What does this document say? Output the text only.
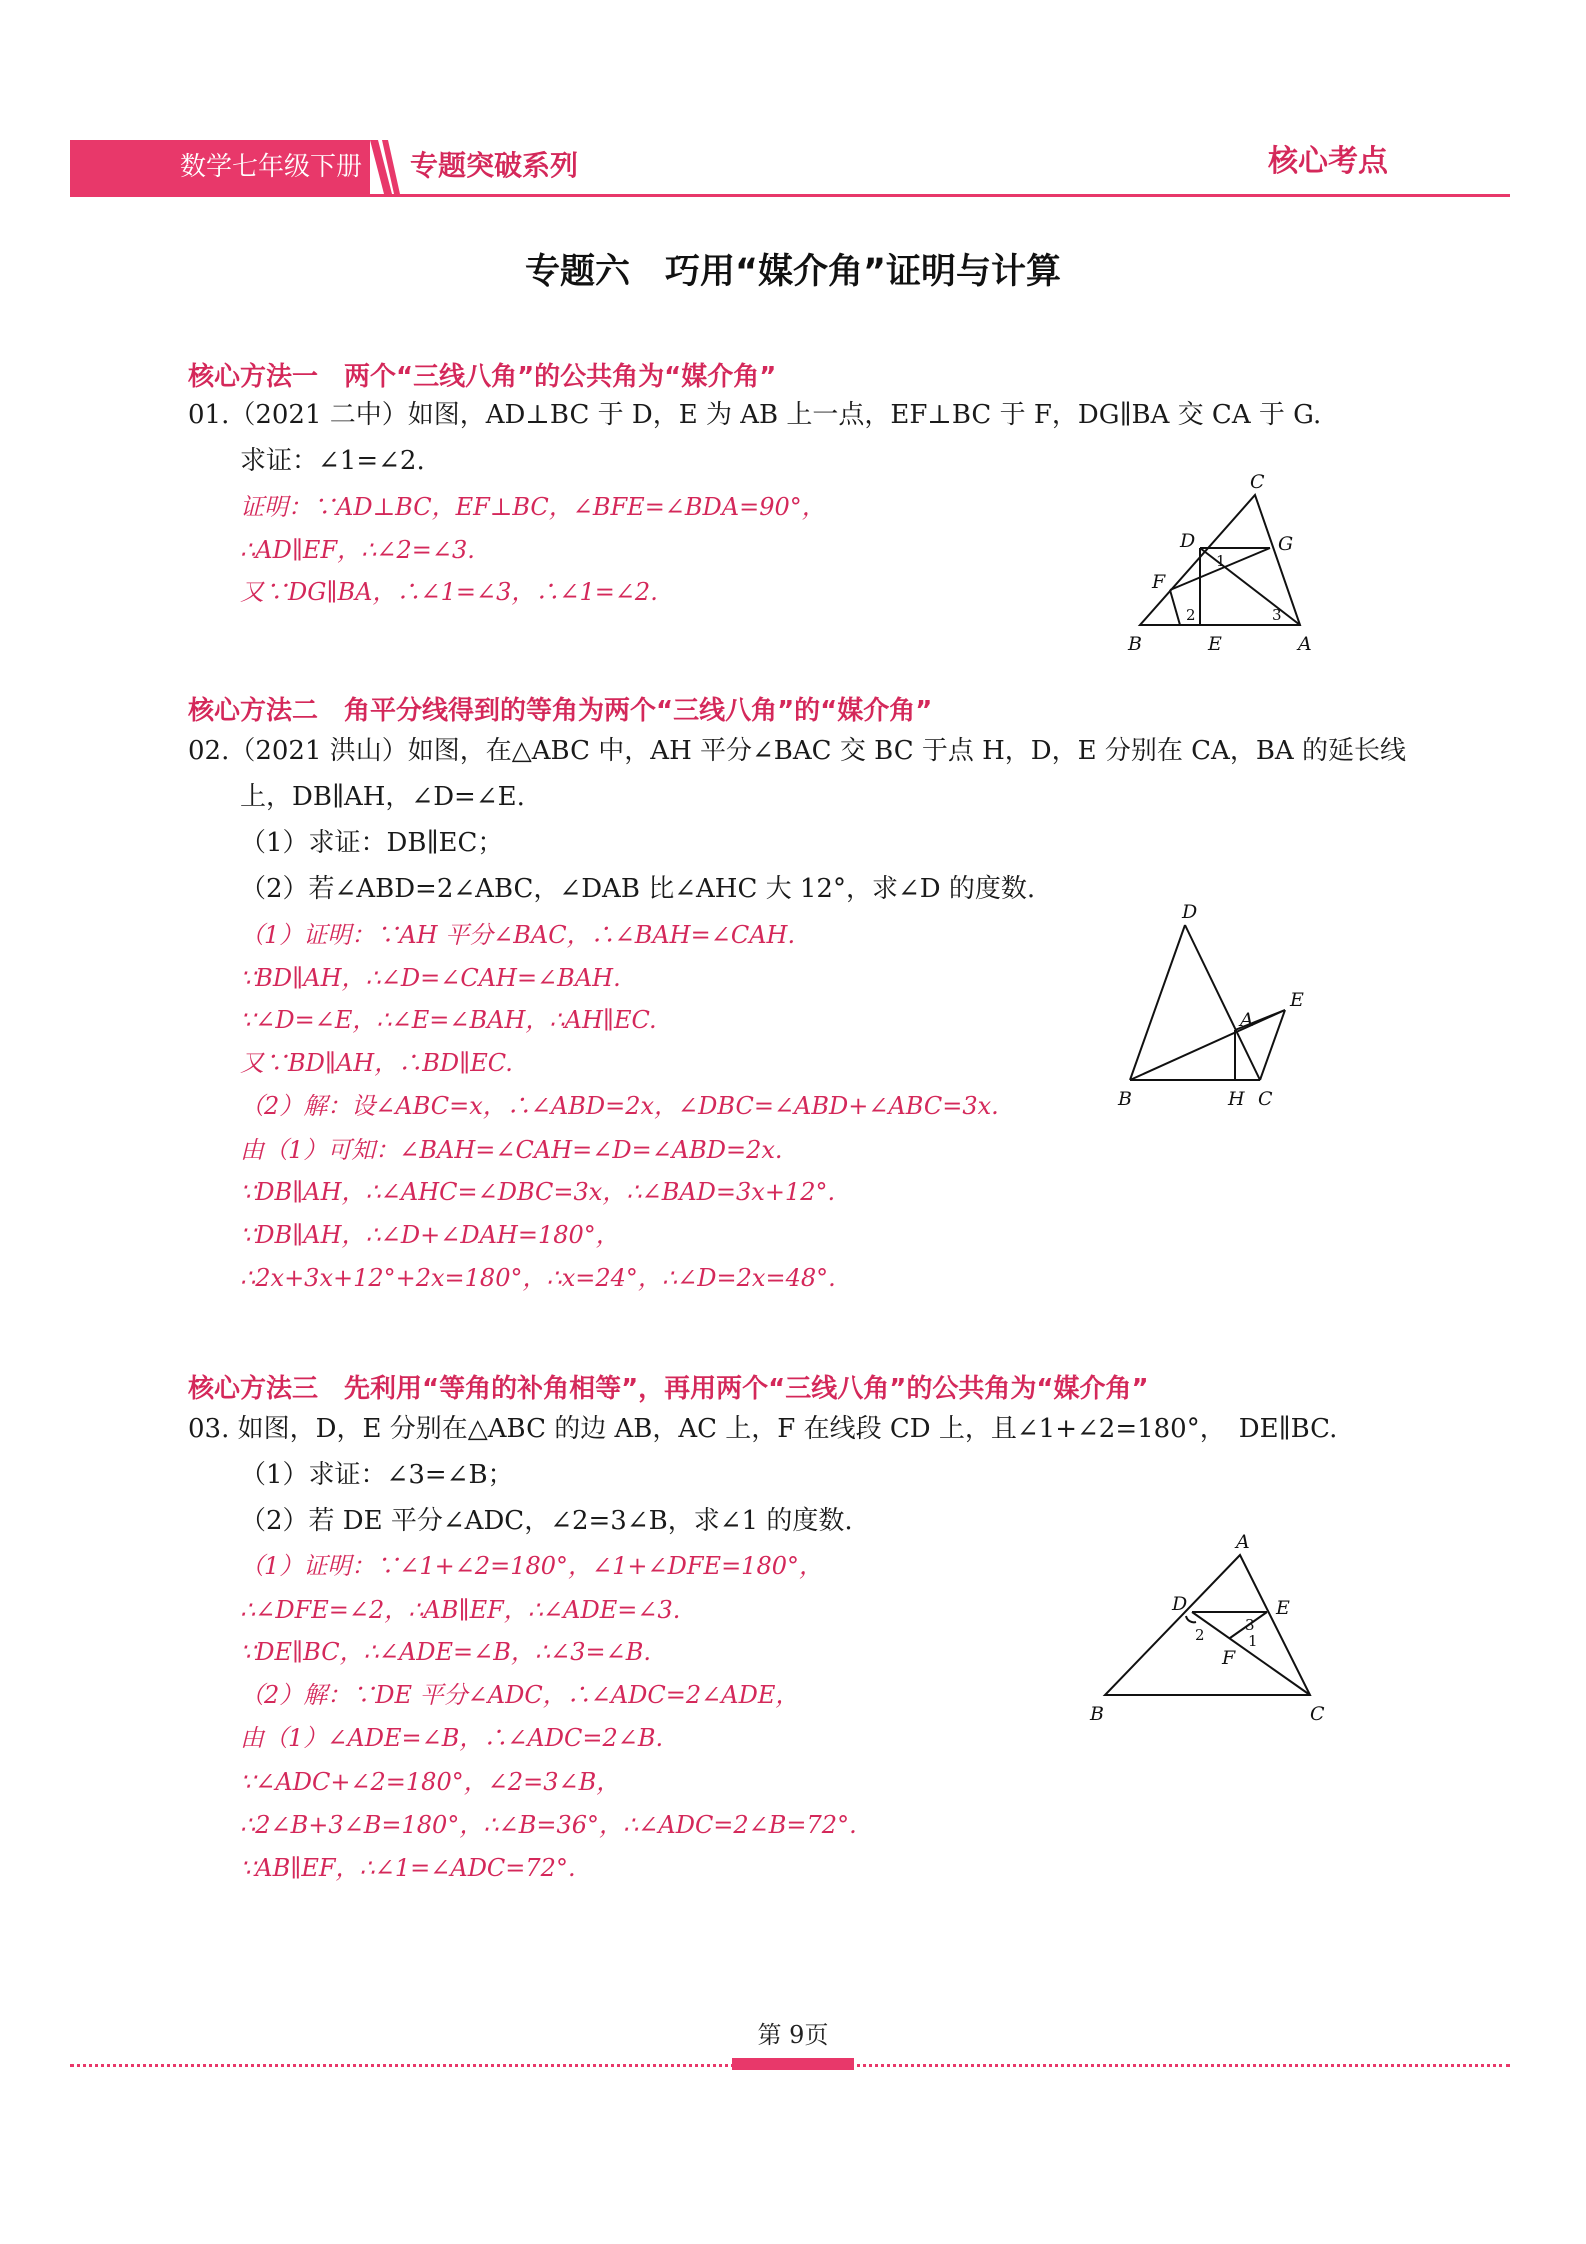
数学七年级下册 专题突破系列	核心考点
专题六　巧用“媒介角”证明与计算
核心方法一　两个“三线八角”的公共角为“媒介角”
01.（2021 二中）如图，AD⊥BC 于 D，E 为 AB 上一点，EF⊥BC 于 F，DG∥BA 交 CA 于 G.
求证：∠1=∠2.
证明：∵AD⊥BC，EF⊥BC，∠BFE=∠BDA=90°，
∴AD∥EF，∴∠2=∠3.
又∵DG∥BA，∴∠1=∠3，∴∠1=∠2.
C
D	G
F
1
2	3
B	E	A
核心方法二　角平分线得到的等角为两个“三线八角”的“媒介角”
02.（2021 洪山）如图，在△ABC 中，AH 平分∠BAC 交 BC 于点 H，D，E 分别在 CA，BA 的延长线
上，DB∥AH，∠D=∠E.
（1）求证：DB∥EC；
（2）若∠ABD=2∠ABC，∠DAB 比∠AHC 大 12°，求∠D 的度数.
（1）证明：∵AH 平分∠BAC，∴∠BAH=∠CAH.
∵BD∥AH，∴∠D=∠CAH=∠BAH.
∵∠D=∠E，∴∠E=∠BAH，∴AH∥EC.
又∵BD∥AH，∴BD∥EC.
（2）解：设∠ABC=x，∴∠ABD=2x，∠DBC=∠ABD+∠ABC=3x.
由（1）可知：∠BAH=∠CAH=∠D=∠ABD=2x.
∵DB∥AH，∴∠AHC=∠DBC=3x，∴∠BAD=3x+12°.
∵DB∥AH，∴∠D+∠DAH=180°，
∴2x+3x+12°+2x=180°，∴x=24°，∴∠D=2x=48°.
D
E
A
B	H C
核心方法三　先利用“等角的补角相等”，再用两个“三线八角”的公共角为“媒介角”
03. 如图，D，E 分别在△ABC 的边 AB，AC 上，F 在线段 CD 上，且∠1+∠2=180°，　DE∥BC.
（1）求证：∠3=∠B；
（2）若 DE 平分∠ADC，∠2=3∠B，求∠1 的度数.
（1）证明：∵∠1+∠2=180°，∠1+∠DFE=180°，
∴∠DFE=∠2，∴AB∥EF，∴∠ADE=∠3.
∵DE∥BC，∴∠ADE=∠B，∴∠3=∠B.
（2）解：∵DE 平分∠ADC，∴∠ADC=2∠ADE，
由（1）∠ADE=∠B，∴∠ADC=2∠B.
∵∠ADC+∠2=180°，∠2=3∠B，
∴2∠B+3∠B=180°，∴∠B=36°，∴∠ADC=2∠B=72°.
∵AB∥EF，∴∠1=∠ADC=72°.
A
D	E
3
2	1
F
B	C
第 9页
